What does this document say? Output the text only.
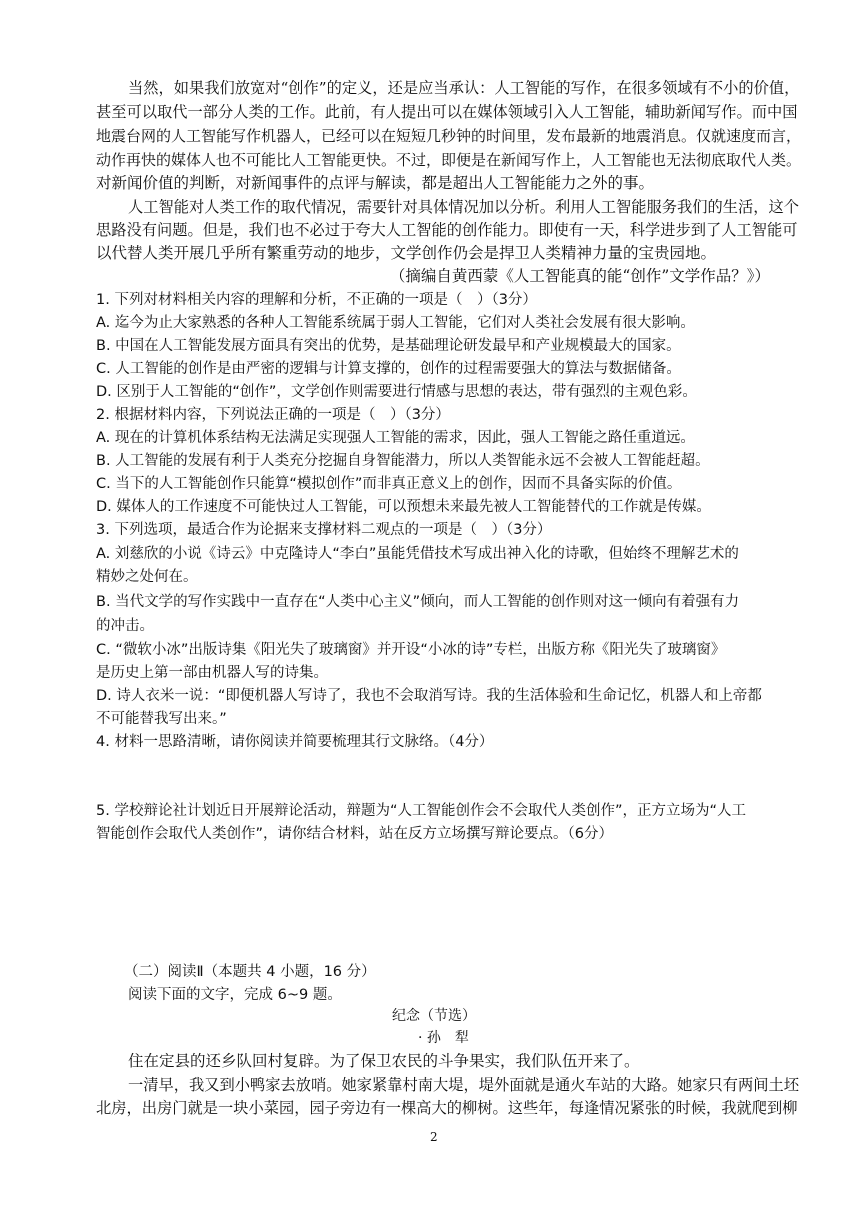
当然，如果我们放宽对“创作”的定义，还是应当承认：人工智能的写作，在很多领域有不小的价值，
甚至可以取代一部分人类的工作。此前，有人提出可以在媒体领域引入人工智能，辅助新闻写作。而中国
地震台网的人工智能写作机器人，已经可以在短短几秒钟的时间里，发布最新的地震消息。仅就速度而言，
动作再快的媒体人也不可能比人工智能更快。不过，即便是在新闻写作上，人工智能也无法彻底取代人类。
对新闻价值的判断，对新闻事件的点评与解读，都是超出人工智能能力之外的事。
人工智能对人类工作的取代情况，需要针对具体情况加以分析。利用人工智能服务我们的生活，这个
思路没有问题。但是，我们也不必过于夸大人工智能的创作能力。即使有一天，科学进步到了人工智能可
以代替人类开展几乎所有繁重劳动的地步，文学创作仍会是捍卫人类精神力量的宝贵园地。
（摘编自黄西蒙《人工智能真的能“创作”文学作品？》）
1. 下列对材料相关内容的理解和分析，不正确的一项是（　）（3分）
A. 迄今为止大家熟悉的各种人工智能系统属于弱人工智能，它们对人类社会发展有很大影响。
B. 中国在人工智能发展方面具有突出的优势，是基础理论研发最早和产业规模最大的国家。
C. 人工智能的创作是由严密的逻辑与计算支撑的，创作的过程需要强大的算法与数据储备。
D. 区别于人工智能的“创作”，文学创作则需要进行情感与思想的表达，带有强烈的主观色彩。
2. 根据材料内容，下列说法正确的一项是（　）（3分）
A. 现在的计算机体系结构无法满足实现强人工智能的需求，因此，强人工智能之路任重道远。
B. 人工智能的发展有利于人类充分挖掘自身智能潜力，所以人类智能永远不会被人工智能赶超。
C. 当下的人工智能创作只能算“模拟创作”而非真正意义上的创作，因而不具备实际的价值。
D. 媒体人的工作速度不可能快过人工智能，可以预想未来最先被人工智能替代的工作就是传媒。
3. 下列选项，最适合作为论据来支撑材料二观点的一项是（　）（3分）
A. 刘慈欣的小说《诗云》中克隆诗人“李白”虽能凭借技术写成出神入化的诗歌，但始终不理解艺术的
精妙之处何在。
B. 当代文学的写作实践中一直存在“人类中心主义”倾向，而人工智能的创作则对这一倾向有着强有力
的冲击。
C. “微软小冰”出版诗集《阳光失了玻璃窗》并开设“小冰的诗”专栏，出版方称《阳光失了玻璃窗》
是历史上第一部由机器人写的诗集。
D. 诗人衣米一说：“即便机器人写诗了，我也不会取消写诗。我的生活体验和生命记忆，机器人和上帝都
不可能替我写出来。”
4. 材料一思路清晰，请你阅读并简要梳理其行文脉络。（4分）
5. 学校辩论社计划近日开展辩论活动，辩题为“人工智能创作会不会取代人类创作”，正方立场为“人工
智能创作会取代人类创作”，请你结合材料，站在反方立场撰写辩论要点。（6分）
（二）阅读Ⅱ（本题共 4 小题，16 分）
阅读下面的文字，完成 6~9 题。
纪念（节选）
· 孙　犁
住在定县的还乡队回村复辟。为了保卫农民的斗争果实，我们队伍开来了。
一清早，我又到小鸭家去放哨。她家紧靠村南大堤，堤外面就是通火车站的大路。她家只有两间土坯
北房，出房门就是一块小菜园，园子旁边有一棵高大的柳树。这些年，每逢情况紧张的时候，我就爬到柳
2
